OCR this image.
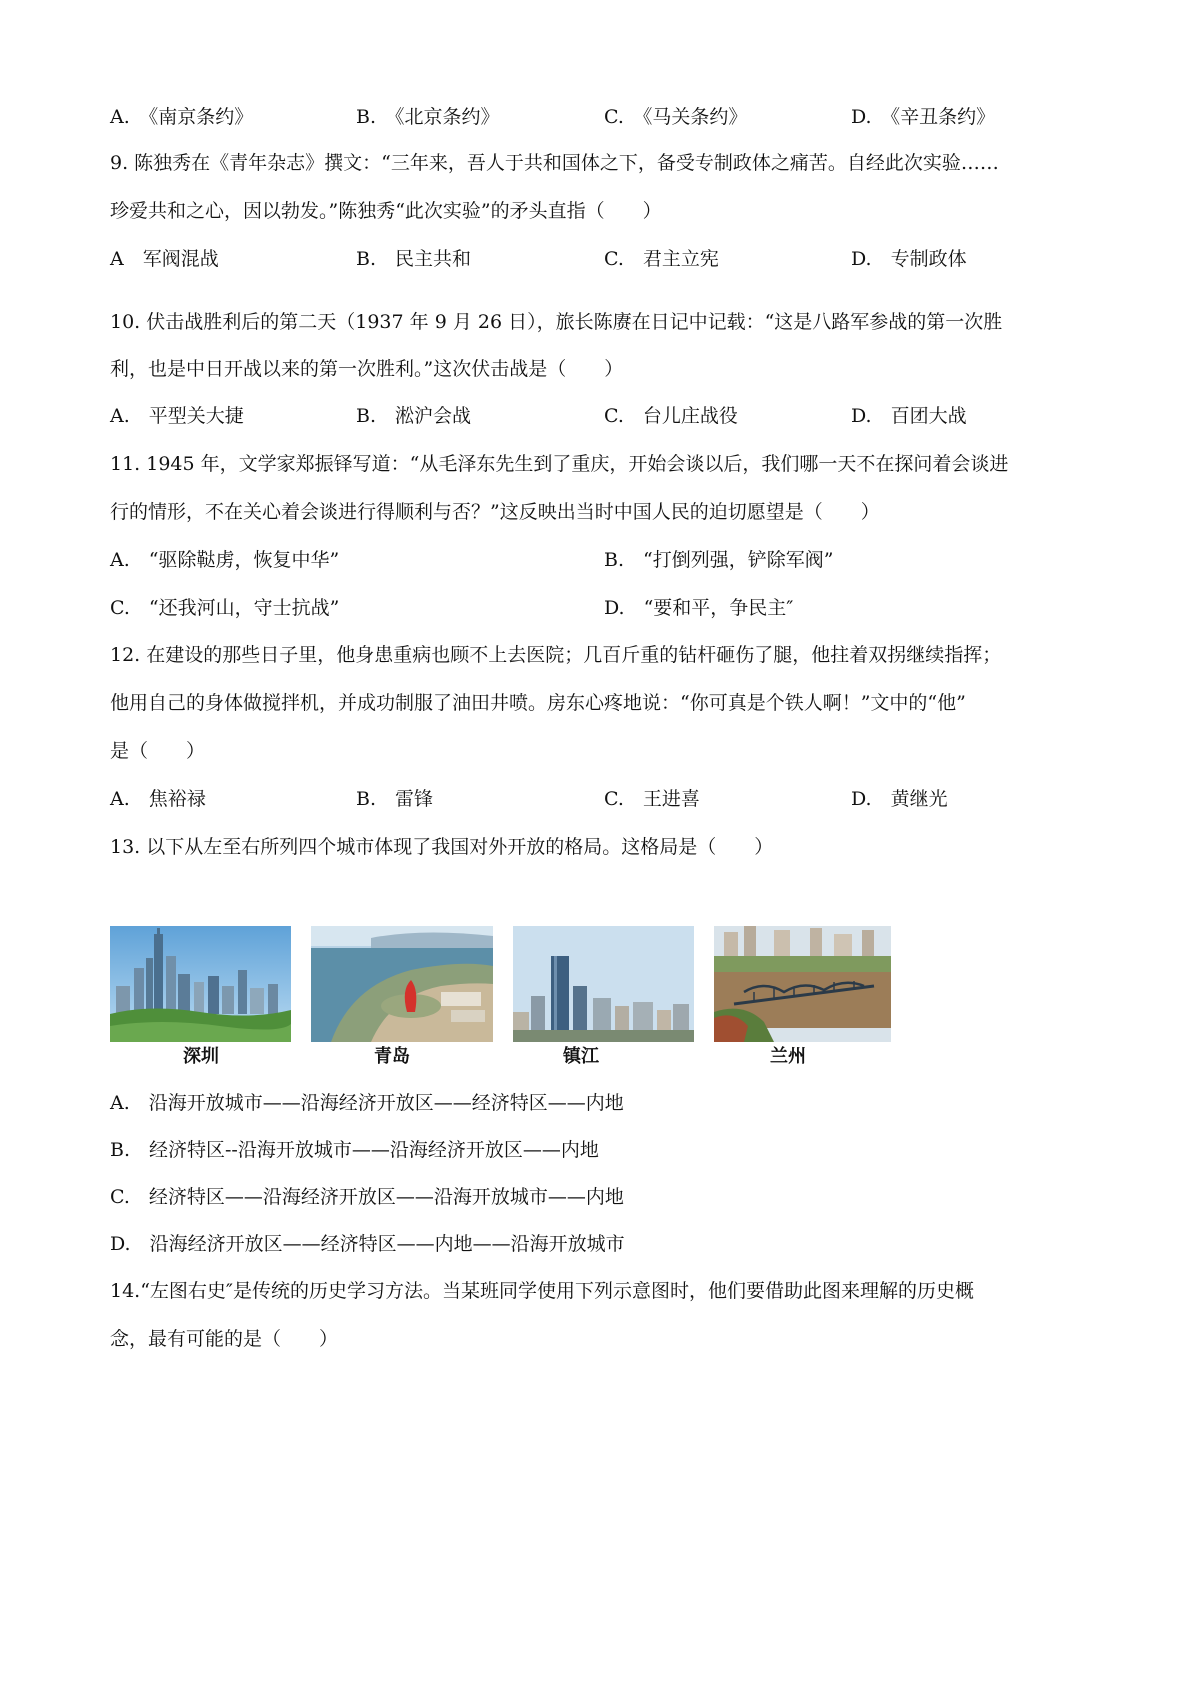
A.　《南京条约》	B.　《北京条约》	C.　《马关条约》	D.　《辛丑条约》
9. 陈独秀在《青年杂志》撰文：“三年来，吾人于共和国体之下，备受专制政体之痛苦。自经此次实验……
珍爱共和之心，因以勃发。”陈独秀“此次实验”的矛头直指（　　）
A　军阀混战	B.　民主共和	C.　君主立宪	D.　专制政体
10. 伏击战胜利后的第二天（1937 年 9 月 26 日），旅长陈赓在日记中记载：“这是八路军参战的第一次胜
利，也是中日开战以来的第一次胜利。”这次伏击战是（　　）
A.　平型关大捷	B.　淞沪会战	C.　台儿庄战役	D.　百团大战
11. 1945 年，文学家郑振铎写道：“从毛泽东先生到了重庆，开始会谈以后，我们哪一天不在探问着会谈进
行的情形，不在关心着会谈进行得顺利与否？”这反映出当时中国人民的迫切愿望是（　　）
A.　“驱除鞑虏，恢复中华”	B.　“打倒列强，铲除军阀”
C.　“还我河山，守士抗战”	D.　“要和平，争民主″
12. 在建设的那些日子里，他身患重病也顾不上去医院；几百斤重的钻杆砸伤了腿，他拄着双拐继续指挥；
他用自己的身体做搅拌机，并成功制服了油田井喷。房东心疼地说：“你可真是个铁人啊！”文中的“他”
是（　　）
A.　焦裕禄	B.　雷锋	C.　王进喜	D.　黄继光
13. 以下从左至右所列四个城市体现了我国对外开放的格局。这格局是（　　）
深圳	青岛	镇江	兰州
A.　沿海开放城市——沿海经济开放区——经济特区——内地
B.　经济特区--沿海开放城市——沿海经济开放区——内地
C.　经济特区——沿海经济开放区——沿海开放城市——内地
D.　沿海经济开放区——经济特区——内地——沿海开放城市
14.“左图右史″是传统的历史学习方法。当某班同学使用下列示意图时，他们要借助此图来理解的历史概
念，最有可能的是（　　）
